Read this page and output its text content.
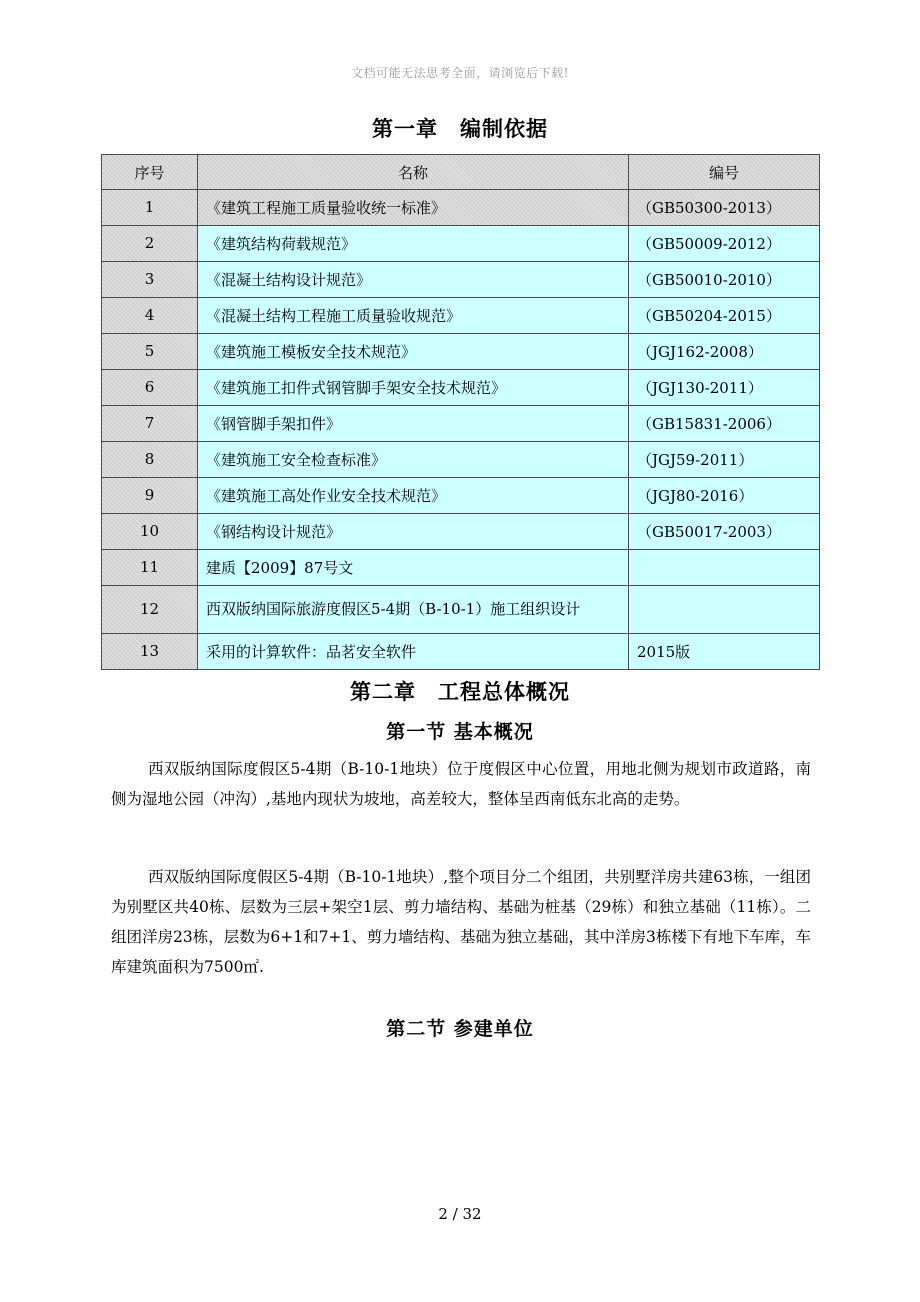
文档可能无法思考全面，请浏览后下载!
第一章　编制依据
序号	名称	编号
1	《建筑工程施工质量验收统一标准》	（GB50300-2013）
2	《建筑结构荷载规范》	（GB50009-2012）
3	《混凝土结构设计规范》	（GB50010-2010）
4	《混凝土结构工程施工质量验收规范》	（GB50204-2015）
5	《建筑施工模板安全技术规范》	（JGJ162-2008）
6	《建筑施工扣件式钢管脚手架安全技术规范》	（JGJ130-2011）
7	《钢管脚手架扣件》	（GB15831-2006）
8	《建筑施工安全检查标准》	（JGJ59-2011）
9	《建筑施工高处作业安全技术规范》	（JGJ80-2016）
10	《钢结构设计规范》	（GB50017-2003）
11	建质【2009】87号文	
12	西双版纳国际旅游度假区5-4期（B-10-1）施工组织设计	
13	采用的计算软件：品茗安全软件	2015版
第二章　工程总体概况
第一节 基本概况

西双版纳国际度假区5-4期（B-10-1地块）位于度假区中心位置，用地北侧为规划市政道路，南侧为湿地公园（冲沟）,基地内现状为坡地，高差较大，整体呈西南低东北高的走势。

西双版纳国际度假区5-4期（B-10-1地块）,整个项目分二个组团，共别墅洋房共建63栋，一组团为别墅区共40栋、层数为三层+架空1层、剪力墙结构、基础为桩基（29栋）和独立基础（11栋）。二组团洋房23栋，层数为6+1和7+1、剪力墙结构、基础为独立基础，其中洋房3栋楼下有地下车库，车库建筑面积为7500㎡.

第二节 参建单位
2 / 32
